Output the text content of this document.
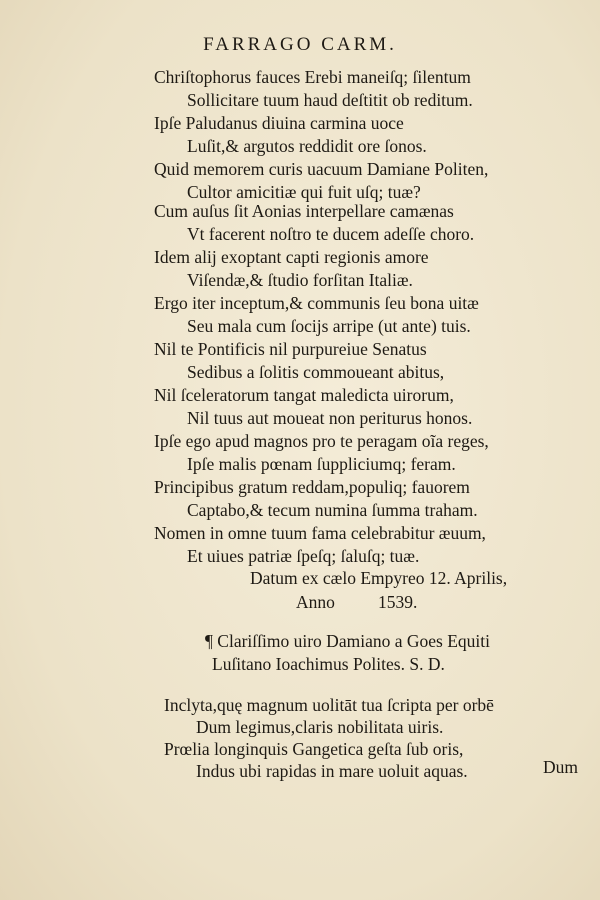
FARRAGO CARM.
Chriſtophorus fauces Erebi maneiſq; ſilentum
Sollicitare tuum haud deſtitit ob reditum.
Ipſe Paludanus diuina carmina uoce
Luſit,& argutos reddidit ore ſonos.
Quid memorem curis uacuum Damiane Politen,
Cultor amicitiæ qui fuit uſq; tuæ?
Cum auſus ſit Aonias interpellare camænas
Vt facerent noſtro te ducem adeſſe choro.
Idem alij exoptant capti regionis amore
Viſendæ,& ſtudio forſitan Italiæ.
Ergo iter inceptum,& communis ſeu bona uitæ
Seu mala cum ſocijs arripe (ut ante) tuis.
Nil te Pontificis nil purpureiue Senatus
Sedibus a ſolitis commoueant abitus,
Nil ſceleratorum tangat maledicta uirorum,
Nil tuus aut moueat non periturus honos.
Ipſe ego apud magnos pro te peragam oĩa reges,
Ipſe malis pœnam ſuppliciumq; feram.
Principibus gratum reddam,populiq; fauorem
Captabo,& tecum numina ſumma traham.
Nomen in omne tuum fama celebrabitur æuum,
Et uiues patriæ ſpeſq; ſaluſq; tuæ.
Datum ex cælo Empyreo 12. Aprilis,
Anno 1539.
¶ Clariſſimo uiro Damiano a Goes Equiti
Luſitano Ioachimus Polites. S. D.
Inclyta,quę magnum uolitāt tua ſcripta per orbē
Dum legimus,claris nobilitata uiris.
Prœlia longinquis Gangetica geſta ſub oris,
Indus ubi rapidas in mare uoluit aquas.	Dum
